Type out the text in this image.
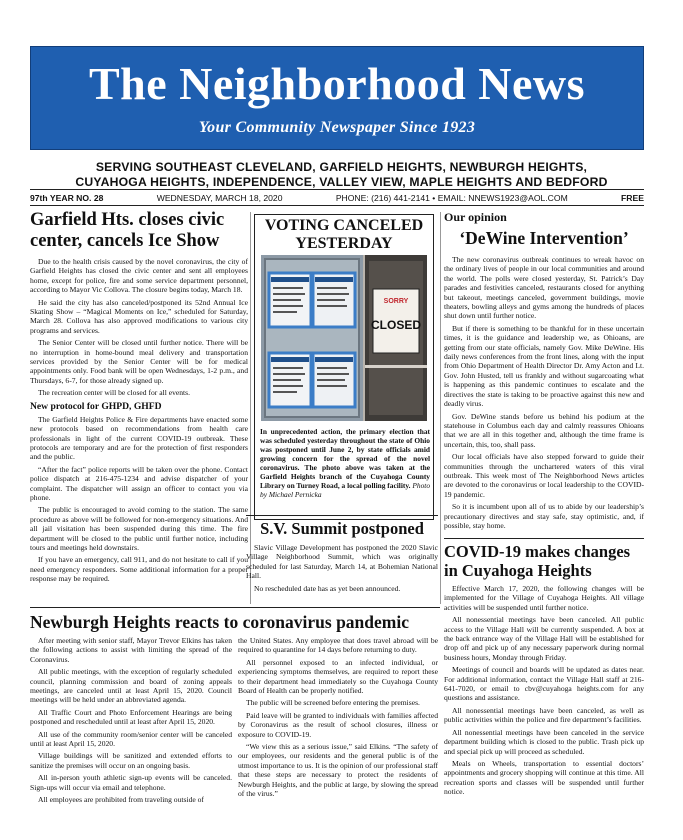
The Neighborhood News
Your Community Newspaper Since 1923
SERVING SOUTHEAST CLEVELAND, GARFIELD HEIGHTS, NEWBURGH HEIGHTS,
CUYAHOGA HEIGHTS, INDEPENDENCE, VALLEY VIEW, MAPLE HEIGHTS AND BEDFORD
97th YEAR NO. 28	WEDNESDAY, MARCH 18, 2020	PHONE: (216) 441-2141 • EMAIL: NNEWS1923@AOL.COM	FREE
Garfield Hts. closes civic center, cancels Ice Show

Due to the health crisis caused by the novel coronavirus, the city of Garfield Heights has closed the civic center and sent all employees home, except for police, fire and some service department personnel, according to Mayor Vic Collova. The closure begins today, March 18.

He said the city has also canceled/postponed its 52nd Annual Ice Skating Show – “Magical Moments on Ice,” scheduled for Saturday, March 28. Collova has also approved modifications to various city programs and services.

The Senior Center will be closed until further notice. There will be no interruption in home-bound meal delivery and transportation services provided by the Senior Center will be for medical appointments only. Food bank will be open Wednesdays, 1-2 p.m., and Thursdays, 6-7, for those already signed up.

The recreation center will be closed for all events.

New protocol for GHPD, GHFD

The Garfield Heights Police & Fire departments have enacted some new protocols based on recommendations from health care professionals in light of the current COVID-19 outbreak. These protocols are temporary and are for the protection of first responders and the public.

“After the fact” police reports will be taken over the phone. Contact police dispatch at 216-475-1234 and advise dispatcher of your complaint. The dispatcher will assign an officer to contact you via phone.

The public is encouraged to avoid coming to the station. The same procedure as above will be followed for non-emergency situations. And all jail visitation has been suspended during this time. The fire department will be closed to the public until further notice, including tours and meetings held downstairs.

If you have an emergency, call 911, and do not hesitate to call if you need emergency responders. Some additional information for a proper response may be required.

VOTING CANCELED YESTERDAY
SORRY
CLOSED
In unprecedented action, the primary election that was scheduled yesterday throughout the state of Ohio was postponed until June 2, by state officials amid growing concern for the spread of the novel coronavirus. The photo above was taken at the Garfield Heights branch of the Cuyahoga County Library on Turney Road, a local polling facility. Photo by Michael Pernicka
S.V. Summit postponed

Slavic Village Development has postponed the 2020 Slavic Village Neighborhood Summit, which was originally scheduled for last Saturday, March 14, at Bohemian National Hall.

No rescheduled date has as yet been announced.

Our opinion
‘DeWine Intervention’

The new coronavirus outbreak continues to wreak havoc on the ordinary lives of people in our local communities and around the world. The polls were closed yesterday, St. Patrick’s Day parades and festivities canceled, restaurants closed for anything but takeout, meetings canceled, government buildings, movie theaters, bowling alleys and gyms among the hundreds of places shut down until further notice.

But if there is something to be thankful for in these uncertain times, it is the guidance and leadership we, as Ohioans, are getting from our state officials, namely Gov. Mike DeWine. His daily news conferences from the front lines, along with the input from Ohio Department of Health Director Dr. Amy Acton and Lt. Gov. John Husted, tell us frankly and without sugarcoating what is happening as this pandemic continues to escalate and the directives the state is taking to be proactive against this new and deadly virus.

Gov. DeWine stands before us behind his podium at the statehouse in Columbus each day and calmly reassures Ohioans that we are all in this together and, although the time frame is uncertain, this, too, shall pass.

Our local officials have also stepped forward to guide their communities through the unchartered waters of this viral outbreak. This week most of The Neighborhood News articles are devoted to the coronavirus or local leadership to the COVID-19 pandemic.

So it is incumbent upon all of us to abide by our leadership’s precautionary directives and stay safe, stay optimistic, and, if possible, stay home.

COVID-19 makes changes in Cuyahoga Heights

Effective March 17, 2020, the following changes will be implemented for the Village of Cuyahoga Heights. All village activities will be suspended until further notice.

All nonessential meetings have been canceled. All public access to the Village Hall will be currently suspended. A box at the back entrance way of the Village Hall will be established for drop off and pick up of any necessary paperwork during normal business hours, Monday through Friday.

Meetings of council and boards will be updated as dates near. For additional information, contact the Village Hall staff at 216-641-7020, or email to cbv@cuyahoga heights.com for any questions and assistance.

All nonessential meetings have been canceled, as well as public activities within the police and fire department’s facilities.

All nonessential meetings have been canceled in the service department building which is closed to the public. Trash pick up and special pick up will proceed as scheduled.

Meals on Wheels, transportation to essential doctors’ appointments and grocery shopping will continue at this time. All recreation sports and classes will be suspended until further notice.

Newburgh Heights reacts to coronavirus pandemic

After meeting with senior staff, Mayor Trevor Elkins has taken the following actions to assist with limiting the spread of the Coronavirus.

All public meetings, with the exception of regularly scheduled council, planning commission and board of zoning appeals meetings, are canceled until at least April 15, 2020. Council meetings will be held under an abbreviated agenda.

All Traffic Court and Photo Enforcement Hearings are being postponed and rescheduled until at least after April 15, 2020.

All use of the community room/senior center will be canceled until at least April 15, 2020.

Village buildings will be sanitized and extended efforts to sanitize the premises will occur on an ongoing basis.

All in-person youth athletic sign-up events will be canceled. Sign-ups will occur via email and telephone.

All employees are prohibited from traveling outside of

the United States. Any employee that does travel abroad will be required to quarantine for 14 days before returning to duty.

All personnel exposed to an infected individual, or experiencing symptoms themselves, are required to report these to their department head immediately so the Cuyahoga County Board of Health can be properly notified.

The public will be screened before entering the premises.

Paid leave will be granted to individuals with families affected by Coronavirus as the result of school closures, illness or exposure to COVID-19.

“We view this as a serious issue,” said Elkins. “The safety of our employees, our residents and the general public is of the utmost importance to us. It is the opinion of our professional staff that these steps are necessary to protect the residents of Newburgh Heights, and the public at large, by slowing the spread of the virus.”
